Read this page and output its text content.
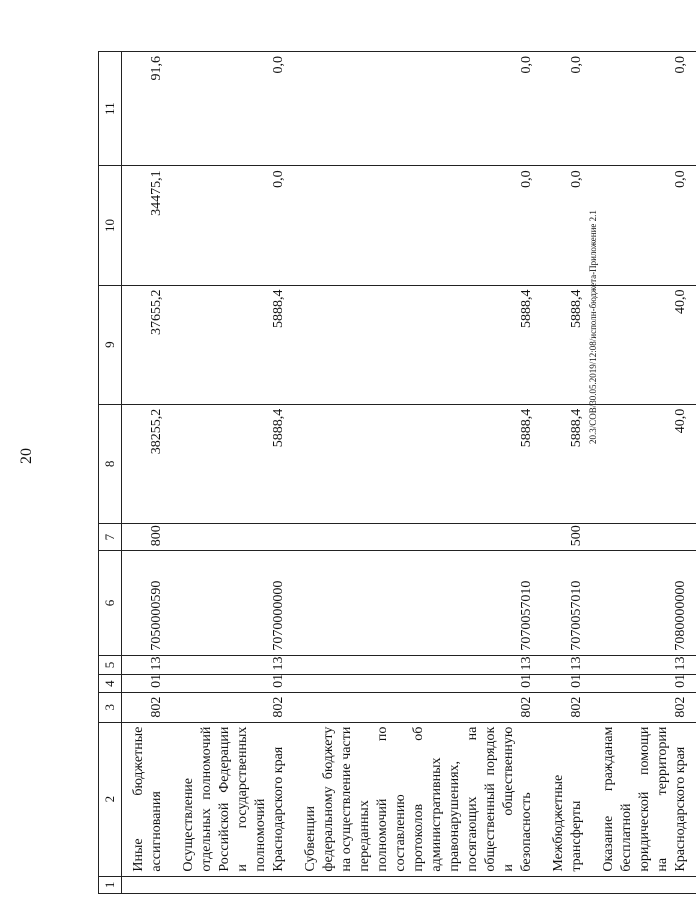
20
1	2	3	4	5	6	7	8	9	10	11
	Иные бюджетные ассигнования	802	01	13	7050000590	800	38255,2	37655,2	34475,1	91,6
	Осуществление отдельных полномочий Российской Федерации и государственных полномочий Краснодарского края	802	01	13	7070000000		5888,4	5888,4	0,0	0,0
	Субвенции федеральному бюджету на осуществление части переданных полномочий по составлению протоколов об административных правонарушениях, посягающих на общественный порядок и общественную безопасность	802	01	13	7070057010		5888,4	5888,4	0,0	0,0
	Межбюджетные трансферты	802	01	13	7070057010	500	5888,4	5888,4	0,0	0,0
	Оказание гражданам бесплатной юридической помощи на территории Краснодарского края	802	01	13	7080000000		40,0	40,0	0,0	0,0
20.3/СОВ/30.05.2019/12:08/исполн-бюджета-Приложение 2.1
